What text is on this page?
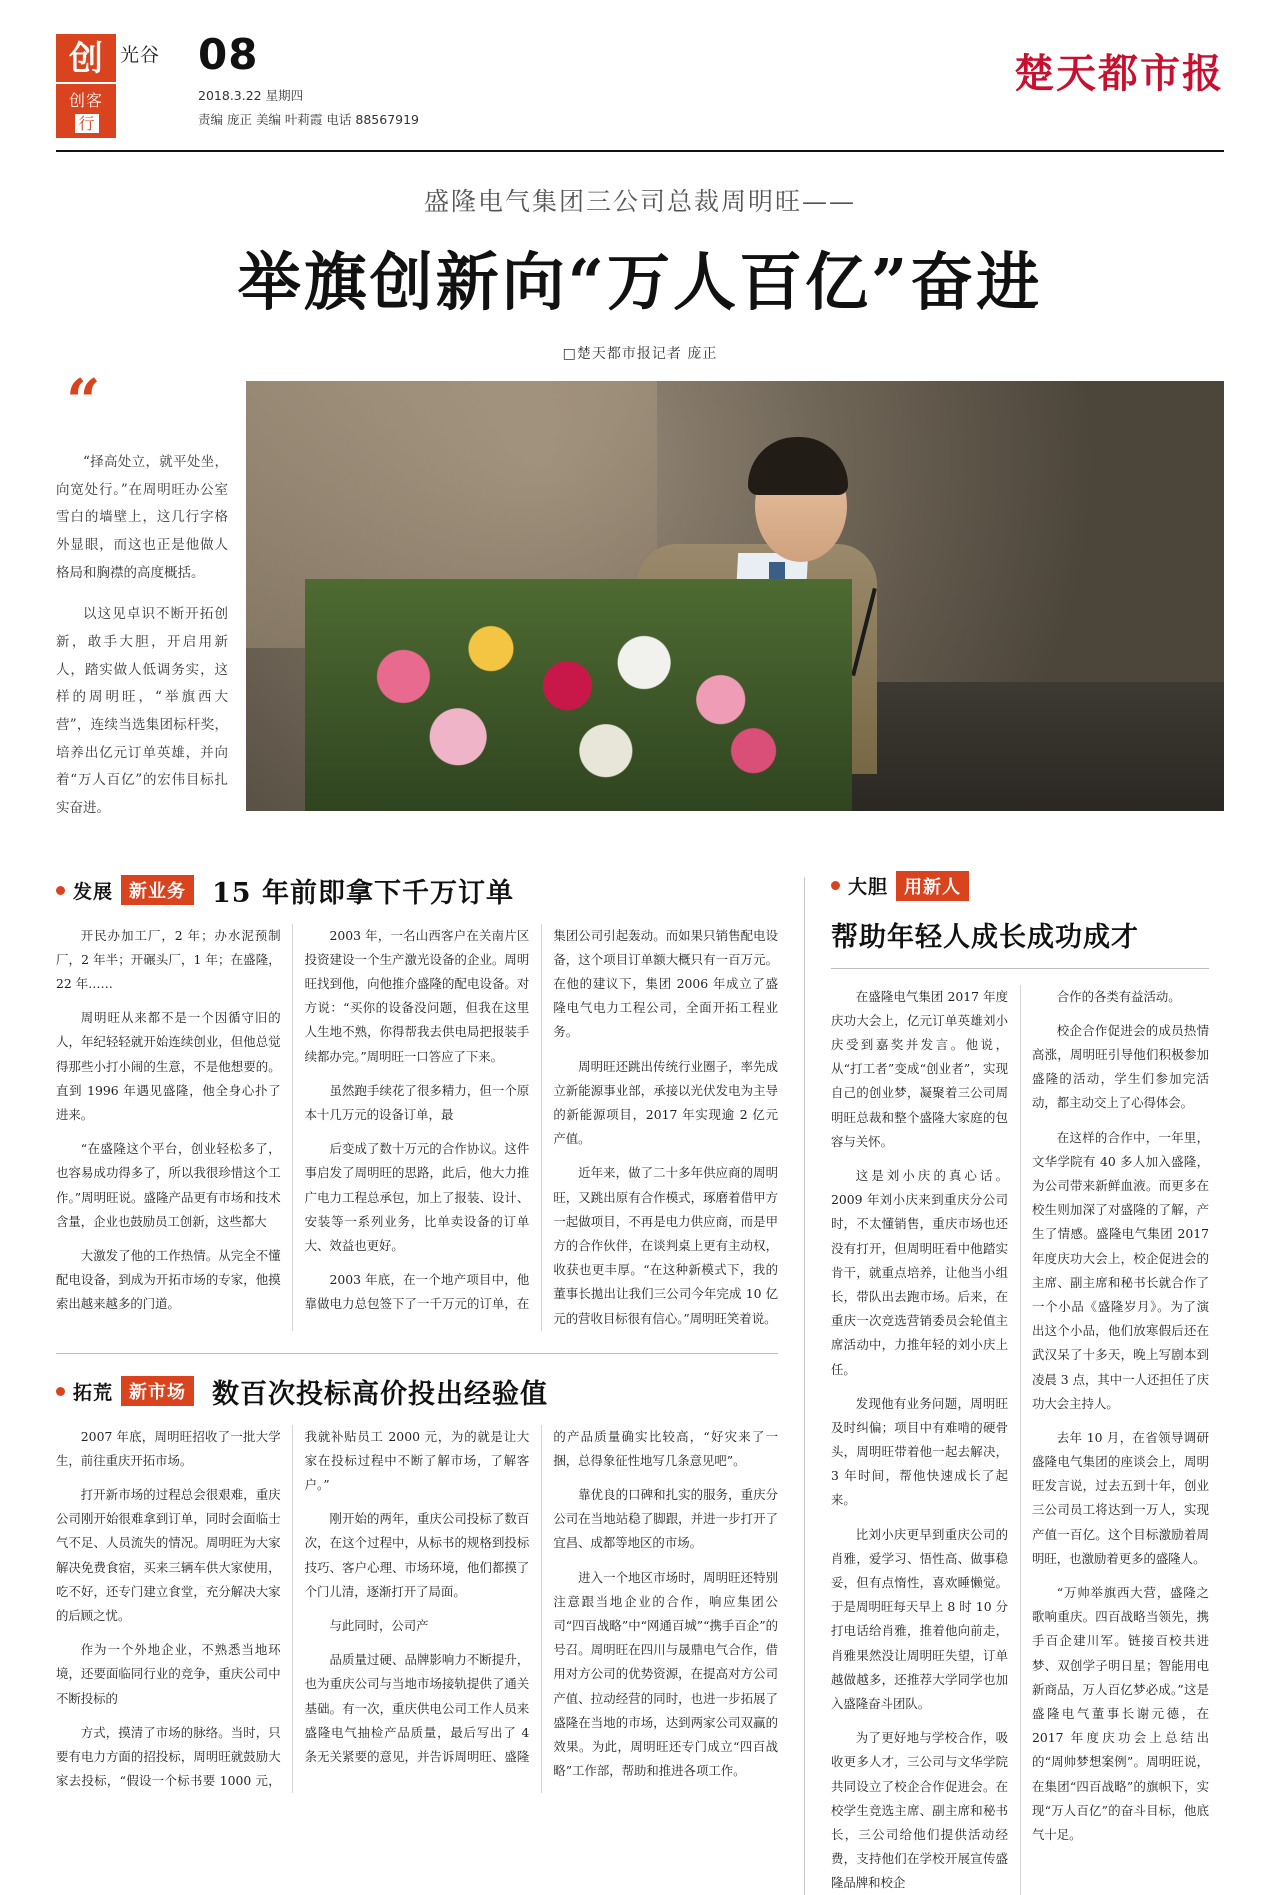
创
创客行
光谷 08
2018.3.22 星期四
责编 庞正 美编 叶莉霞 电话 88567919
楚天都市报
盛隆电气集团三公司总裁周明旺——
举旗创新向“万人百亿”奋进
□楚天都市报记者 庞正
“

“择高处立，就平处坐，向宽处行。”在周明旺办公室雪白的墙壁上，这几行字格外显眼，而这也正是他做人格局和胸襟的高度概括。

以这见卓识不断开拓创新，敢手大胆，开启用新人，踏实做人低调务实，这样的周明旺，“举旗西大营”，连续当选集团标杆奖，培养出亿元订单英雄，并向着“万人百亿”的宏伟目标扎实奋进。

发展 新业务 15 年前即拿下千万订单

开民办加工厂，2 年；办水泥预制厂，2 年半；开碾头厂，1 年；在盛隆，22 年……

周明旺从来都不是一个因循守旧的人，年纪轻轻就开始连续创业，但他总觉得那些小打小闹的生意，不是他想要的。直到 1996 年遇见盛隆，他全身心扑了进来。

“在盛隆这个平台，创业轻松多了，也容易成功得多了，所以我很珍惜这个工作。”周明旺说。盛隆产品更有市场和技术含量，企业也鼓励员工创新，这些都大

大激发了他的工作热情。从完全不懂配电设备，到成为开拓市场的专家，他摸索出越来越多的门道。

2003 年，一名山西客户在关南片区投资建设一个生产激光设备的企业。周明旺找到他，向他推介盛隆的配电设备。对方说：“买你的设备没问题，但我在这里人生地不熟，你得帮我去供电局把报装手续都办完。”周明旺一口答应了下来。

虽然跑手续花了很多精力，但一个原本十几万元的设备订单，最

后变成了数十万元的合作协议。这件事启发了周明旺的思路，此后，他大力推广电力工程总承包，加上了报装、设计、安装等一系列业务，比单卖设备的订单大、效益也更好。

2003 年底，在一个地产项目中，他靠做电力总包签下了一千万元的订单，在集团公司引起轰动。而如果只销售配电设备，这个项目订单额大概只有一百万元。在他的建议下，集团 2006 年成立了盛隆电气电力工程公司，全面开拓工程业务。

周明旺还跳出传统行业圈子，率先成立新能源事业部，承接以光伏发电为主导的新能源项目，2017 年实现逾 2 亿元产值。

近年来，做了二十多年供应商的周明旺，又跳出原有合作模式，琢磨着借甲方一起做项目，不再是电力供应商，而是甲方的合作伙伴，在谈判桌上更有主动权，收获也更丰厚。“在这种新模式下，我的董事长拋出让我们三公司今年完成 10 亿元的营收目标很有信心。”周明旺笑着说。

拓荒 新市场 数百次投标高价投出经验值

2007 年底，周明旺招收了一批大学生，前往重庆开拓市场。

打开新市场的过程总会很艰难，重庆公司刚开始很难拿到订单，同时会面临士气不足、人员流失的情况。周明旺为大家解决免费食宿，买来三辆车供大家使用，吃不好，还专门建立食堂，充分解决大家的后顾之忧。

作为一个外地企业，不熟悉当地环境，还要面临同行业的竞争，重庆公司中不断投标的

方式，摸清了市场的脉络。当时，只要有电力方面的招投标，周明旺就鼓励大家去投标，“假设一个标书要 1000 元，我就补贴员工 2000 元，为的就是让大家在投标过程中不断了解市场，了解客户。”

刚开始的两年，重庆公司投标了数百次，在这个过程中，从标书的规格到投标技巧、客户心理、市场环境，他们都摸了个门儿清，逐渐打开了局面。

与此同时，公司产

品质量过硬、品牌影响力不断提升，也为重庆公司与当地市场接轨提供了通关基础。有一次，重庆供电公司工作人员来盛隆电气抽检产品质量，最后写出了 4 条无关紧要的意见，并告诉周明旺、盛隆的产品质量确实比较高，“好灾来了一捆，总得象征性地写几条意见吧”。

靠优良的口碑和扎实的服务，重庆分公司在当地站稳了脚跟，并进一步打开了宜昌、成都等地区的市场。

进入一个地区市场时，周明旺还特别注意跟当地企业的合作，响应集团公司“四百战略”中“网通百城”“携手百企”的号召。周明旺在四川与晟鼎电气合作，借用对方公司的优势资源，在提高对方公司产值、拉动经营的同时，也进一步拓展了盛隆在当地的市场，达到两家公司双赢的效果。为此，周明旺还专门成立“四百战略”工作部，帮助和推进各项工作。

大胆 用新人
帮助年轻人成长成功成才

在盛隆电气集团 2017 年度庆功大会上，亿元订单英雄刘小庆受到嘉奖并发言。他说，从“打工者”变成“创业者”，实现自己的创业梦，凝聚着三公司周明旺总裁和整个盛隆大家庭的包容与关怀。

这是刘小庆的真心话。2009 年刘小庆来到重庆分公司时，不太懂销售，重庆市场也还没有打开，但周明旺看中他踏实肯干，就重点培养，让他当小组长，带队出去跑市场。后来，在重庆一次竞选营销委员会轮值主席活动中，力推年轻的刘小庆上任。

发现他有业务问题，周明旺及时纠偏；项目中有难啃的硬骨头，周明旺带着他一起去解决，3 年时间，帮他快速成长了起来。

比刘小庆更早到重庆公司的肖雅，爱学习、悟性高、做事稳妥，但有点惰性，喜欢睡懒觉。于是周明旺每天早上 8 时 10 分打电话给肖雅，推着他向前走，肖雅果然没让周明旺失望，订单越做越多，还推荐大学同学也加入盛隆奋斗团队。

为了更好地与学校合作，吸收更多人才，三公司与文华学院共同设立了校企合作促进会。在校学生竞选主席、副主席和秘书长，三公司给他们提供活动经费，支持他们在学校开展宣传盛隆品牌和校企

合作的各类有益活动。

校企合作促进会的成员热情高涨，周明旺引导他们积极参加盛隆的活动，学生们参加完活动，都主动交上了心得体会。

在这样的合作中，一年里，文华学院有 40 多人加入盛隆，为公司带来新鲜血液。而更多在校生则加深了对盛隆的了解，产生了情感。盛隆电气集团 2017 年度庆功大会上，校企促进会的主席、副主席和秘书长就合作了一个小品《盛隆岁月》。为了演出这个小品，他们放寒假后还在武汉呆了十多天，晚上写剧本到凌晨 3 点，其中一人还担任了庆功大会主持人。

去年 10 月，在省领导调研盛隆电气集团的座谈会上，周明旺发言说，过去五到十年，创业三公司员工将达到一万人，实现产值一百亿。这个目标激励着周明旺，也激励着更多的盛隆人。

“万帅举旗西大营，盛隆之歌响重庆。四百战略当领先，携手百企建川军。链接百校共进梦、双创学子明日星；智能用电新商品，万人百亿梦必成。”这是盛隆电气董事长谢元德，在 2017 年度庆功会上总结出的“周帅梦想案例”。周明旺说，在集团“四百战略”的旗帜下，实现“万人百亿”的奋斗目标，他底气十足。
